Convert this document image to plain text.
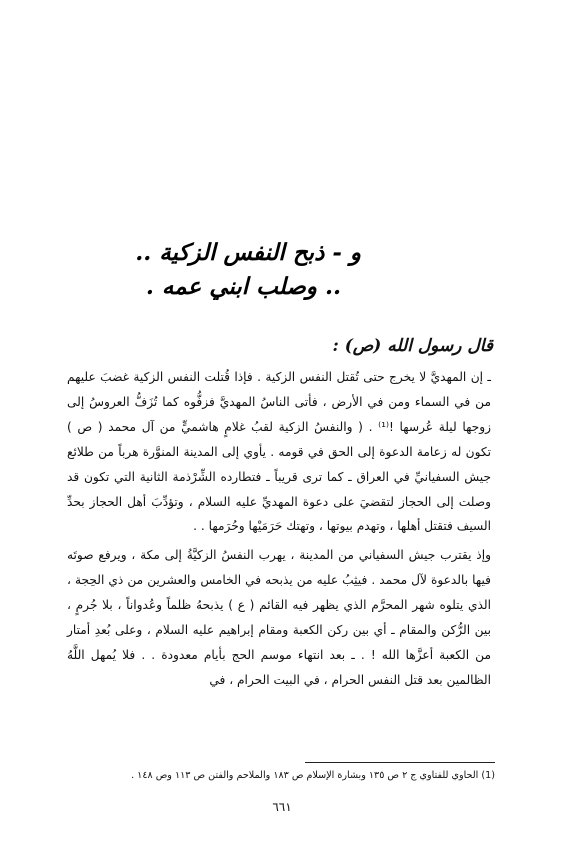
و - ذبح النفس الزكية ..
.. وصلب ابني عمه .
قال رسول الله (ص) :

ـ إن المهديَّ لا يخرج حتى تُقتل النفس الزكية . فإذا قُتلت النفس الزكية غضبَ عليهم من في السماء ومن في الأرض ، فأتى الناسُ المهديَّ فزفُّوه كما تُزَفُّ العروسُ إلى زوجها ليلة عُرسها !⁽¹⁾ . ( والنفسُ الزكية لقبُ غلامٍ هاشميٍّ من آل محمد ( ص ) تكون له زعامة الدعوة إلى الحق في قومه . يأوي إلى المدينة المنوَّرة هرباً من طلائع جيش السفيانيِّ في العراق ـ كما ترى قريباً ـ فتطارده الشِّرْذمة الثانية التي تكون قد وصلت إلى الحجاز لتقضيَ على دعوة المهديِّ عليه السلام ، وتؤدِّبَ أهل الحجاز بحدِّ السيف فتقتل أهلها ، وتهدم بيوتها ، وتهتك حَرَمَيْها وحُرَمها . .

وإذ يقترب جيش السفياني من المدينة ، يهرب النفسُ الزكيَّةُ إلى مكة ، ويرفع صوتَه فيها بالدعوة لآل محمد . فيثِبُ عليه من يذبحه في الخامس والعشرين من ذي الحِجة ، الذي يتلوه شهر المحرَّم الذي يظهر فيه القائم ( ع ) يذبحهُ ظلماً وعُدواناً ، بلا جُرمٍ ، بين الرُّكن والمقام ـ أي بين ركن الكعبة ومقام إبراهيم عليه السلام ، وعلى بُعدِ أمتار من الكعبة أعزَّها الله ! . ـ بعد انتهاء موسم الحج بأيام معدودة . . فلا يُمهل اللَّهُ الظالمين بعد قتل النفس الحرام ، في البيت الحرام ، في

(1) الحاوي للفتاوي ج ٢ ص ١٣٥ وبشارة الإسلام ص ١٨٣ والملاحم والفتن ص ١١٣ وص ١٤٨ .
٦٦١
